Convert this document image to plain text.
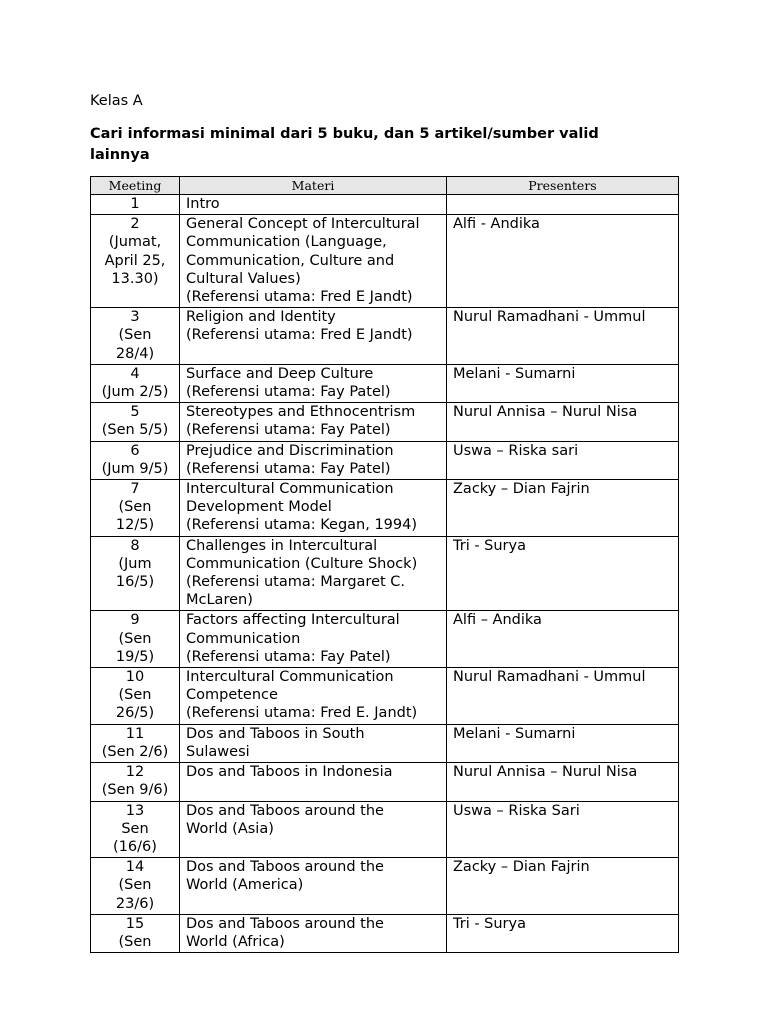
Kelas A

Cari informasi minimal dari 5 buku, dan 5 artikel/sumber valid lainnya

Meeting	Materi	Presenters

1	Intro	

2
(Jumat,
April 25,
13.30)	General Concept of Intercultural
Communication (Language,
Communication, Culture and
Cultural Values)
(Referensi utama: Fred E Jandt)	Alfi - Andika

3
(Sen
28/4)	Religion and Identity
(Referensi utama: Fred E Jandt)	Nurul Ramadhani - Ummul

4
(Jum 2/5)	Surface and Deep Culture
(Referensi utama: Fay Patel)	Melani - Sumarni

5
(Sen 5/5)	Stereotypes and Ethnocentrism
(Referensi utama: Fay Patel)	Nurul Annisa – Nurul Nisa

6
(Jum 9/5)	Prejudice and Discrimination
(Referensi utama: Fay Patel)	Uswa – Riska sari

7
(Sen
12/5)	Intercultural Communication
Development Model
(Referensi utama: Kegan, 1994)	Zacky – Dian Fajrin

8
(Jum
16/5)	Challenges in Intercultural
Communication (Culture Shock)
(Referensi utama: Margaret C.
McLaren)	Tri - Surya

9
(Sen
19/5)	Factors affecting Intercultural
Communication
(Referensi utama: Fay Patel)	Alfi – Andika

10
(Sen
26/5)	Intercultural Communication
Competence
(Referensi utama: Fred E. Jandt)	Nurul Ramadhani - Ummul

11
(Sen 2/6)	Dos and Taboos in South
Sulawesi	Melani - Sumarni

12
(Sen 9/6)	Dos and Taboos in Indonesia	Nurul Annisa – Nurul Nisa

13
Sen
(16/6)	Dos and Taboos around the
World (Asia)	Uswa – Riska Sari

14
(Sen
23/6)	Dos and Taboos around the
World (America)	Zacky – Dian Fajrin

15
(Sen	Dos and Taboos around the
World (Africa)	Tri - Surya
